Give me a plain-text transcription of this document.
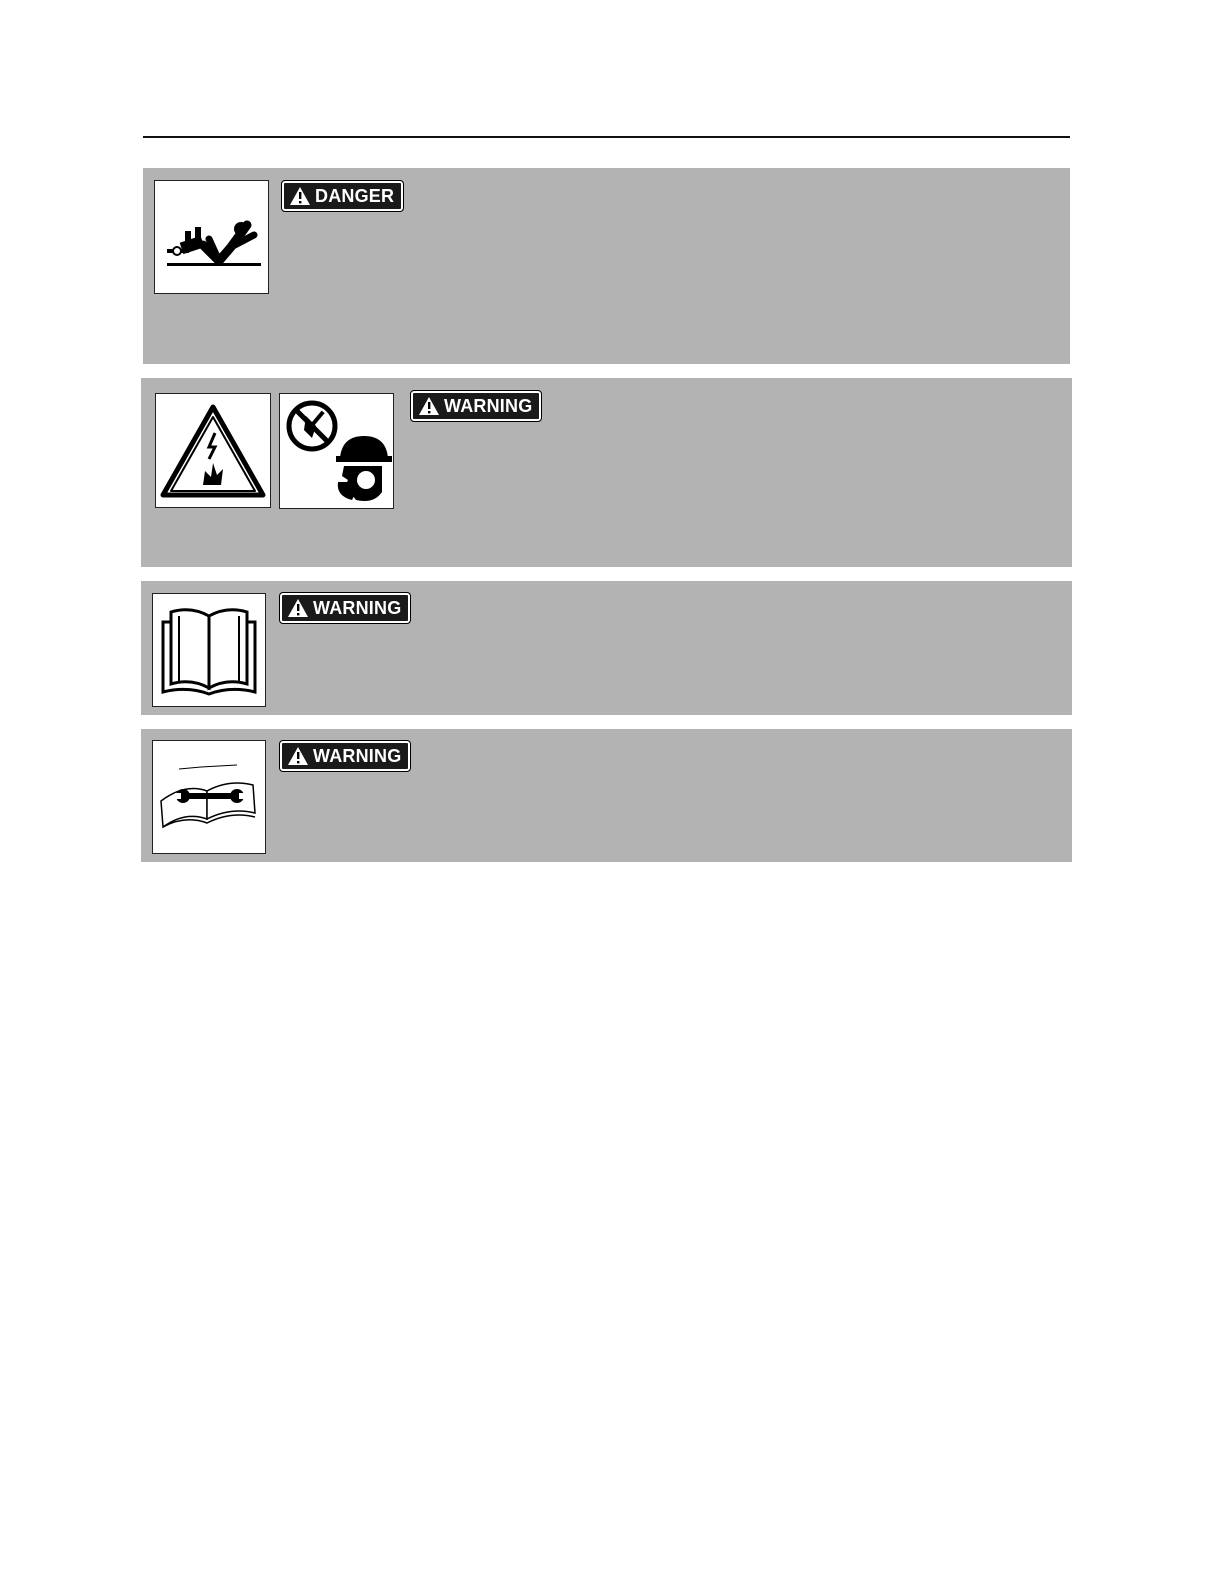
DANGER
WARNING
WARNING
WARNING
